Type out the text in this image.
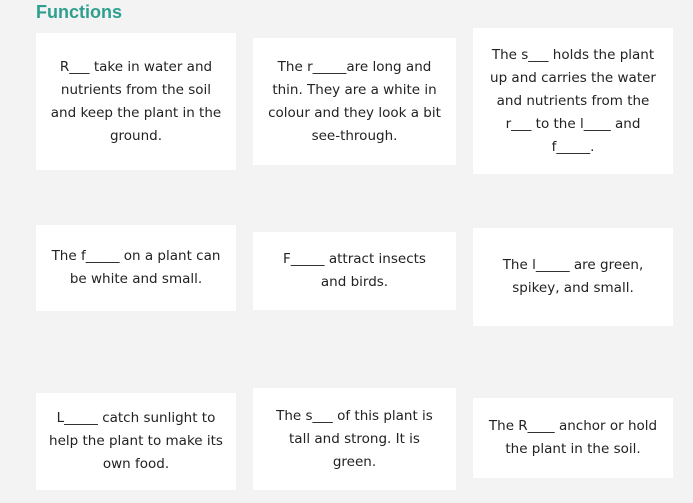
Functions
R___ take in water and
nutrients from the soil
and keep the plant in the
ground.
The r_____are long and
thin. They are a white in
colour and they look a bit
see-through.
The s___ holds the plant
up and carries the water
and nutrients from the
r___ to the l____ and
f_____.
The f_____ on a plant can
be white and small.
F_____ attract insects
and birds.
The l_____ are green,
spikey, and small.
L_____ catch sunlight to
help the plant to make its
own food.
The s___ of this plant is
tall and strong. It is
green.
The R____ anchor or hold
the plant in the soil.
